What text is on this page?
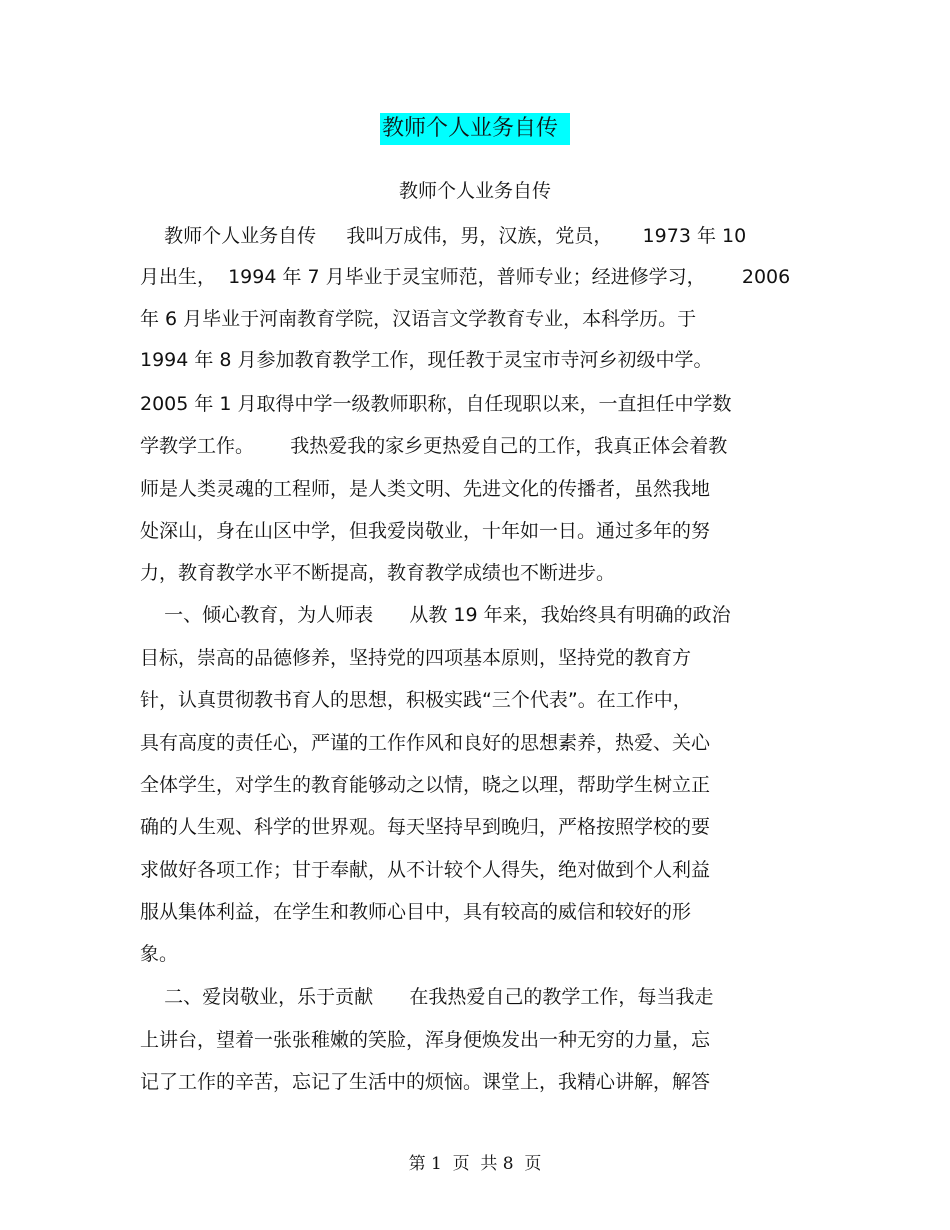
教师个人业务自传
教师个人业务自传
教师个人业务自传     我叫万成伟，男，汉族，党员，     1973 年 10
月出生，  1994 年 7 月毕业于灵宝师范，普师专业；经进修学习，      2006
年 6 月毕业于河南教育学院，汉语言文学教育专业，本科学历。于
1994 年 8 月参加教育教学工作，现任教于灵宝市寺河乡初级中学。
2005 年 1 月取得中学一级教师职称，自任现职以来，一直担任中学数
学教学工作。      我热爱我的家乡更热爱自己的工作，我真正体会着教
师是人类灵魂的工程师，是人类文明、先进文化的传播者，虽然我地
处深山，身在山区中学，但我爱岗敬业，十年如一日。通过多年的努
力，教育教学水平不断提高，教育教学成绩也不断进步。
一、倾心教育，为人师表      从教 19 年来，我始终具有明确的政治
目标，崇高的品德修养，坚持党的四项基本原则，坚持党的教育方
针，认真贯彻教书育人的思想，积极实践“三个代表”。在工作中，
具有高度的责任心，严谨的工作作风和良好的思想素养，热爱、关心
全体学生，对学生的教育能够动之以情，晓之以理，帮助学生树立正
确的人生观、科学的世界观。每天坚持早到晚归，严格按照学校的要
求做好各项工作；甘于奉献，从不计较个人得失，绝对做到个人利益
服从集体利益，在学生和教师心目中，具有较高的威信和较好的形
象。
二、爱岗敬业，乐于贡献      在我热爱自己的教学工作，每当我走
上讲台，望着一张张稚嫩的笑脸，浑身便焕发出一种无穷的力量，忘
记了工作的辛苦，忘记了生活中的烦恼。课堂上，我精心讲解，解答
第 1  页  共 8  页
